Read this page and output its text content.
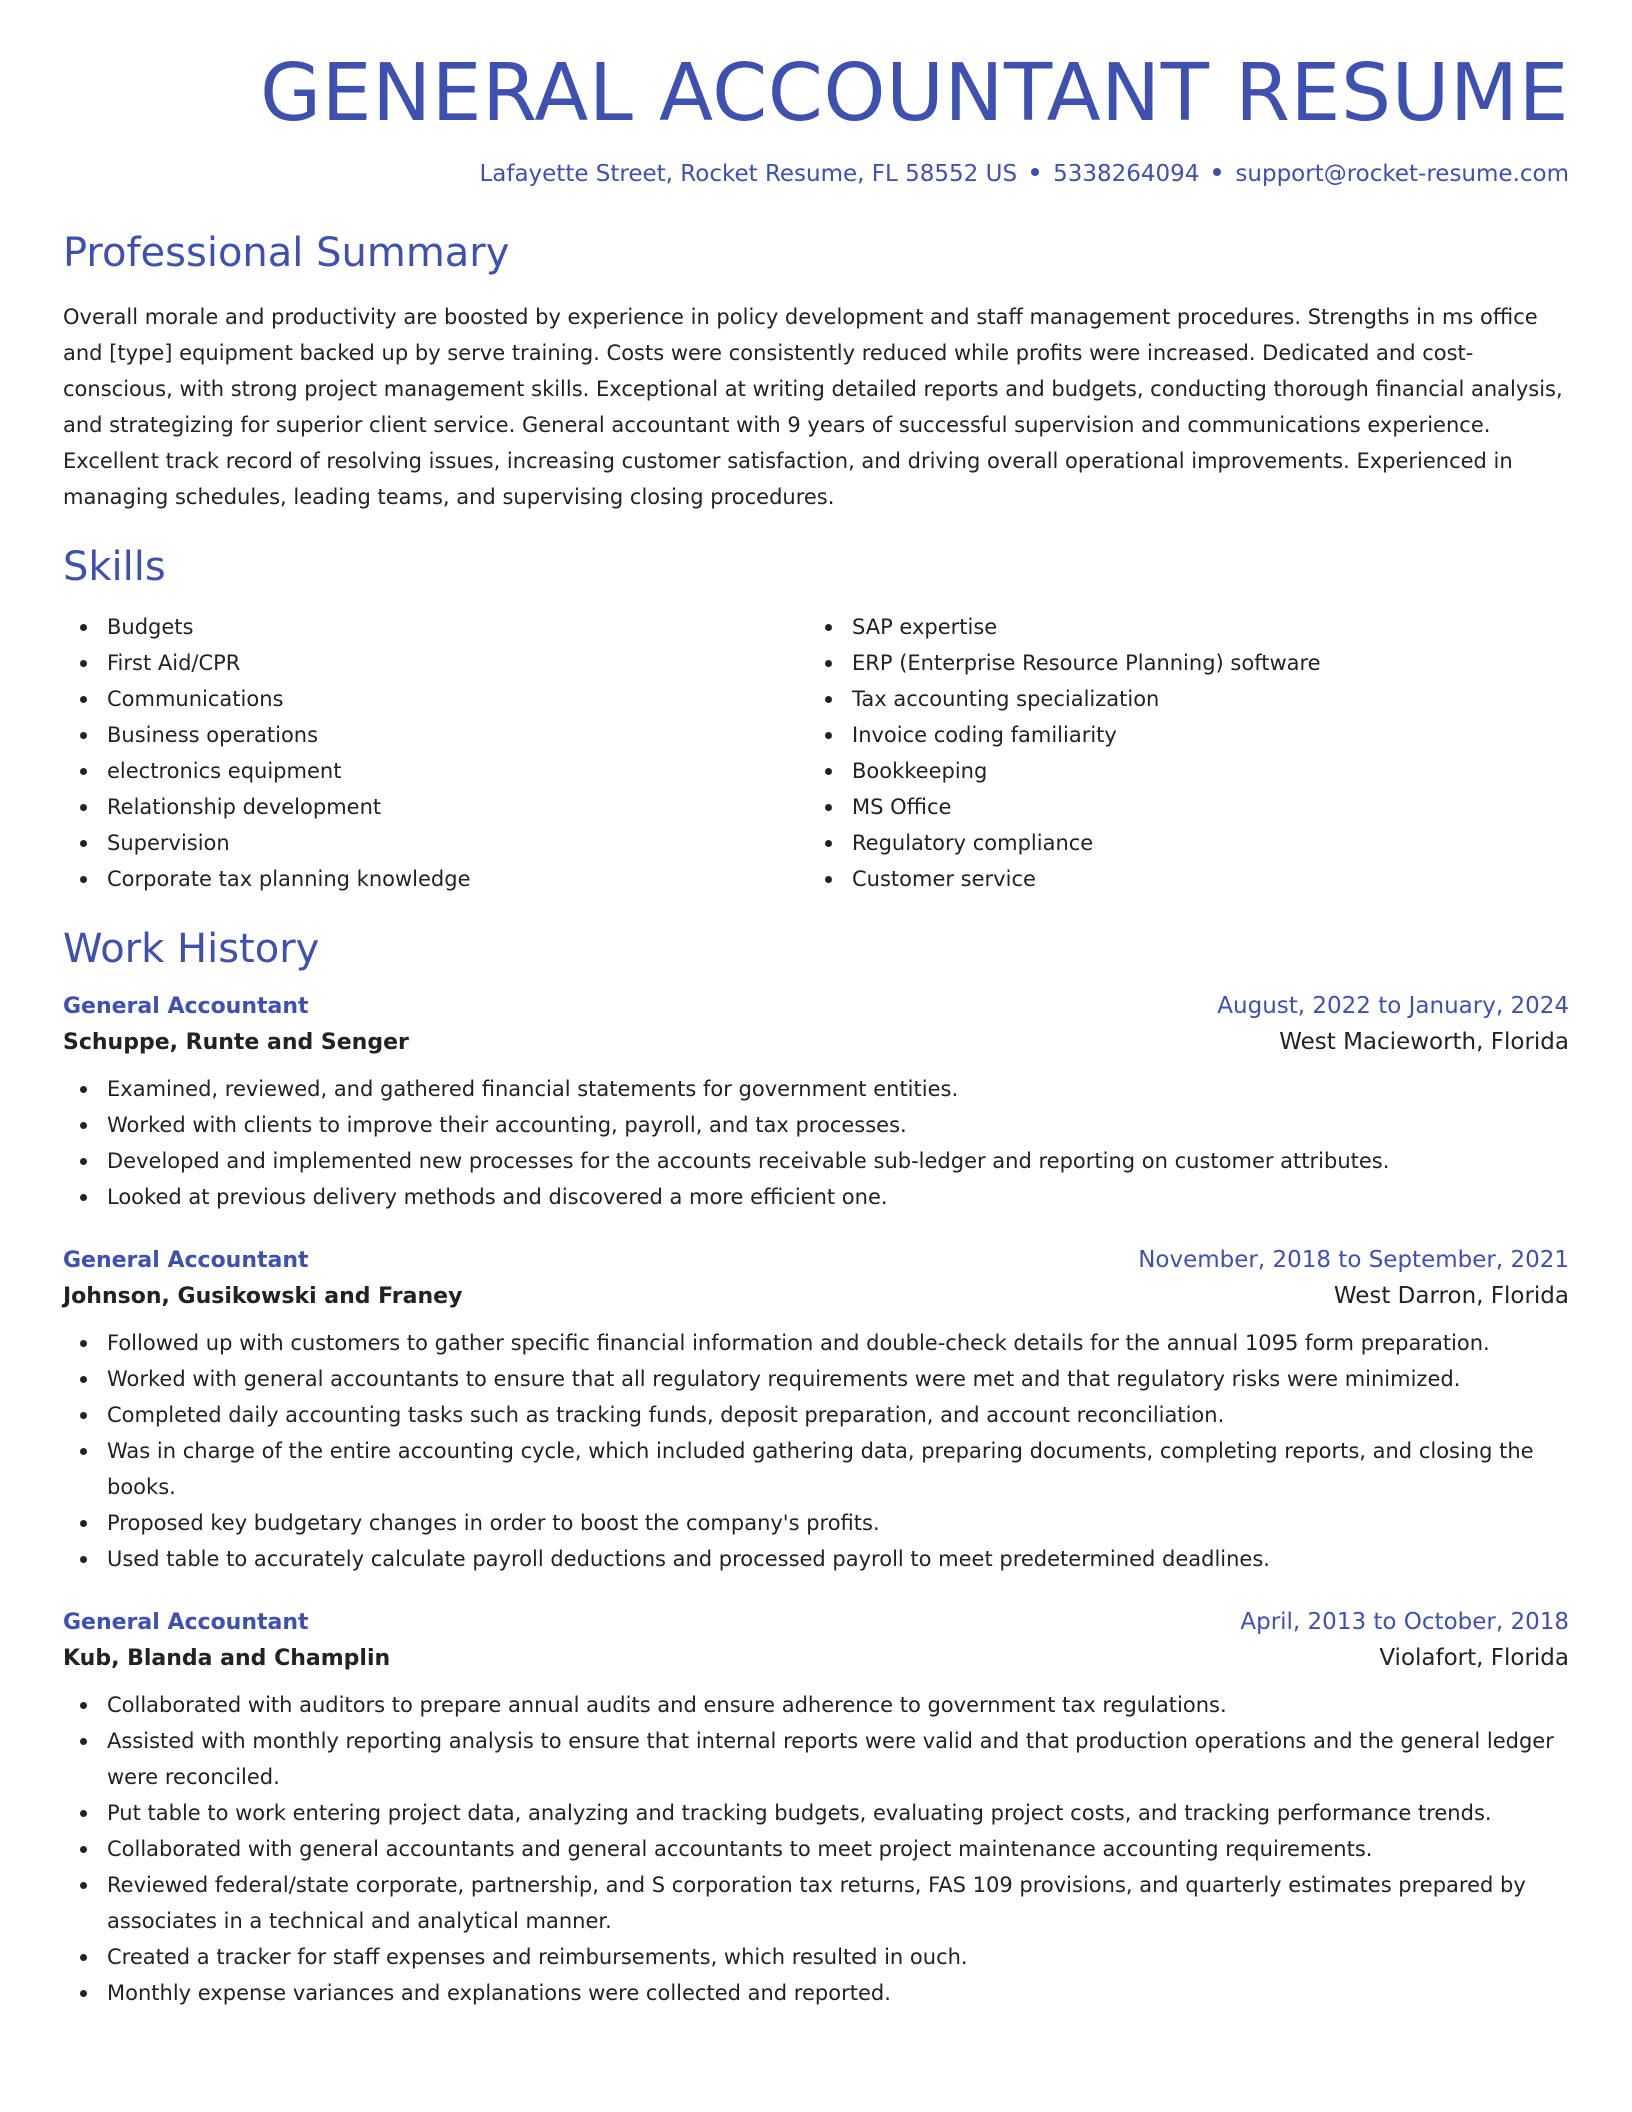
GENERAL ACCOUNTANT RESUME
Lafayette Street, Rocket Resume, FL 58552 US 5338264094 support@rocket-resume.com
Professional Summary

Overall morale and productivity are boosted by experience in policy development and staff management procedures. Strengths in ms office and [type] equipment backed up by serve training. Costs were consistently reduced while profits were increased. Dedicated and cost-conscious, with strong project management skills. Exceptional at writing detailed reports and budgets, conducting thorough financial analysis, and strategizing for superior client service. General accountant with 9 years of successful supervision and communications experience. Excellent track record of resolving issues, increasing customer satisfaction, and driving overall operational improvements. Experienced in managing schedules, leading teams, and supervising closing procedures.

Skills
Budgets
First Aid/CPR
Communications
Business operations
electronics equipment
Relationship development
Supervision
Corporate tax planning knowledge
SAP expertise
ERP (Enterprise Resource Planning) software
Tax accounting specialization
Invoice coding familiarity
Bookkeeping
MS Office
Regulatory compliance
Customer service
Work History
General Accountant	August, 2022 to January, 2024
Schuppe, Runte and Senger	West Macieworth, Florida
Examined, reviewed, and gathered financial statements for government entities.
Worked with clients to improve their accounting, payroll, and tax processes.
Developed and implemented new processes for the accounts receivable sub-ledger and reporting on customer attributes.
Looked at previous delivery methods and discovered a more efficient one.
General Accountant	November, 2018 to September, 2021
Johnson, Gusikowski and Franey	West Darron, Florida
Followed up with customers to gather specific financial information and double-check details for the annual 1095 form preparation.
Worked with general accountants to ensure that all regulatory requirements were met and that regulatory risks were minimized.
Completed daily accounting tasks such as tracking funds, deposit preparation, and account reconciliation.
Was in charge of the entire accounting cycle, which included gathering data, preparing documents, completing reports, and closing the books.
Proposed key budgetary changes in order to boost the company's profits.
Used table to accurately calculate payroll deductions and processed payroll to meet predetermined deadlines.
General Accountant	April, 2013 to October, 2018
Kub, Blanda and Champlin	Violafort, Florida
Collaborated with auditors to prepare annual audits and ensure adherence to government tax regulations.
Assisted with monthly reporting analysis to ensure that internal reports were valid and that production operations and the general ledger were reconciled.
Put table to work entering project data, analyzing and tracking budgets, evaluating project costs, and tracking performance trends.
Collaborated with general accountants and general accountants to meet project maintenance accounting requirements.
Reviewed federal/state corporate, partnership, and S corporation tax returns, FAS 109 provisions, and quarterly estimates prepared by associates in a technical and analytical manner.
Created a tracker for staff expenses and reimbursements, which resulted in ouch.
Monthly expense variances and explanations were collected and reported.
